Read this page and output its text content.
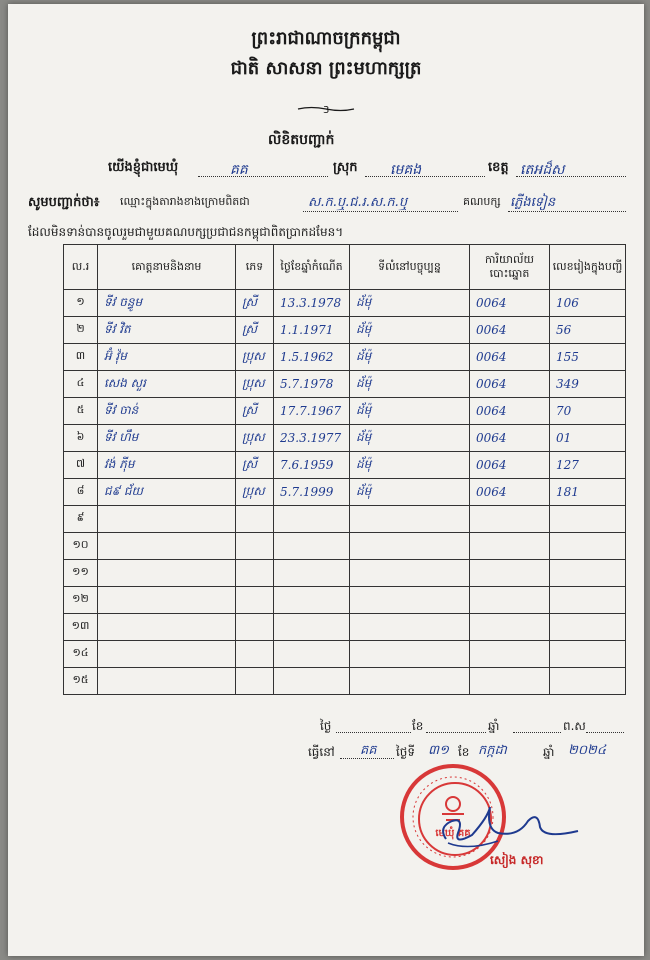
ព្រះរាជាណាចក្រកម្ពុជា
ជាតិ សាសនា ព្រះមហាក្សត្រ
3
លិខិតបញ្ជាក់
យើងខ្ញុំជាមេឃុំ	គគ	ស្រុក មេគង	ខេត្ត តេអដ៏ស
សូមបញ្ជាក់ថា៖ ឈ្មោះក្នុងតារាងខាងក្រោមពិតជា	ស.ក.ឬ.ជ.រ.ស.ក.ឬ	គណបក្ស ភ្លើងទៀន
ដែលមិនទាន់បានចូលរួមជាមួយគណបក្សប្រជាជនកម្ពុជាពិតប្រាកដមែន។
ល.រ	គោត្តនាមនិងនាម	ភេទ	ថ្ងៃខែឆ្នាំកំណើត	ទីលំនៅបច្ចុប្បន្ន	ការិយាល័យបោះឆ្នោត	លេខរៀងក្នុងបញ្ជី
១	ទីវ ចន្ធូម	ស្រី	13.3.1978	ដ័ម៉ុ	0064	106
២	ទីវ វិត	ស្រី	1.1.1971	ដ័ម៉ុ	0064	56
៣	អ៊ំ វ៉ុម	ប្រុស	1.5.1962	ដ័ម៉ុ	0064	155
៤	សេង សួរ	ប្រុស	5.7.1978	ដ័ម៉ុ	0064	349
៥	ទីវ ចាន់	ស្រី	17.7.1967	ដ័ម៉ុ	0064	70
៦	ទីវ ហឹម	ប្រុស	23.3.1977	ដ័ម៉ុ	0064	01
៧	វង់ ភ៉ីម	ស្រី	7.6.1959	ដ័ម៉ុ	0064	127
៨	ជ៩ ជ័យ	ប្រុស	5.7.1999	ដ័ម៉ុ	0064	181
៩						
១០						
១១						
១២						
១៣						
១៤						
១៥						
ថ្ងៃ	ខែ	ឆ្នាំ	ព.ស
ធ្វើនៅ គគ ថ្ងៃទី ៣១ ខែ កក្កដា	ឆ្នាំ ២០២៤
មេឃុំ គគ
សៀង សុខា
